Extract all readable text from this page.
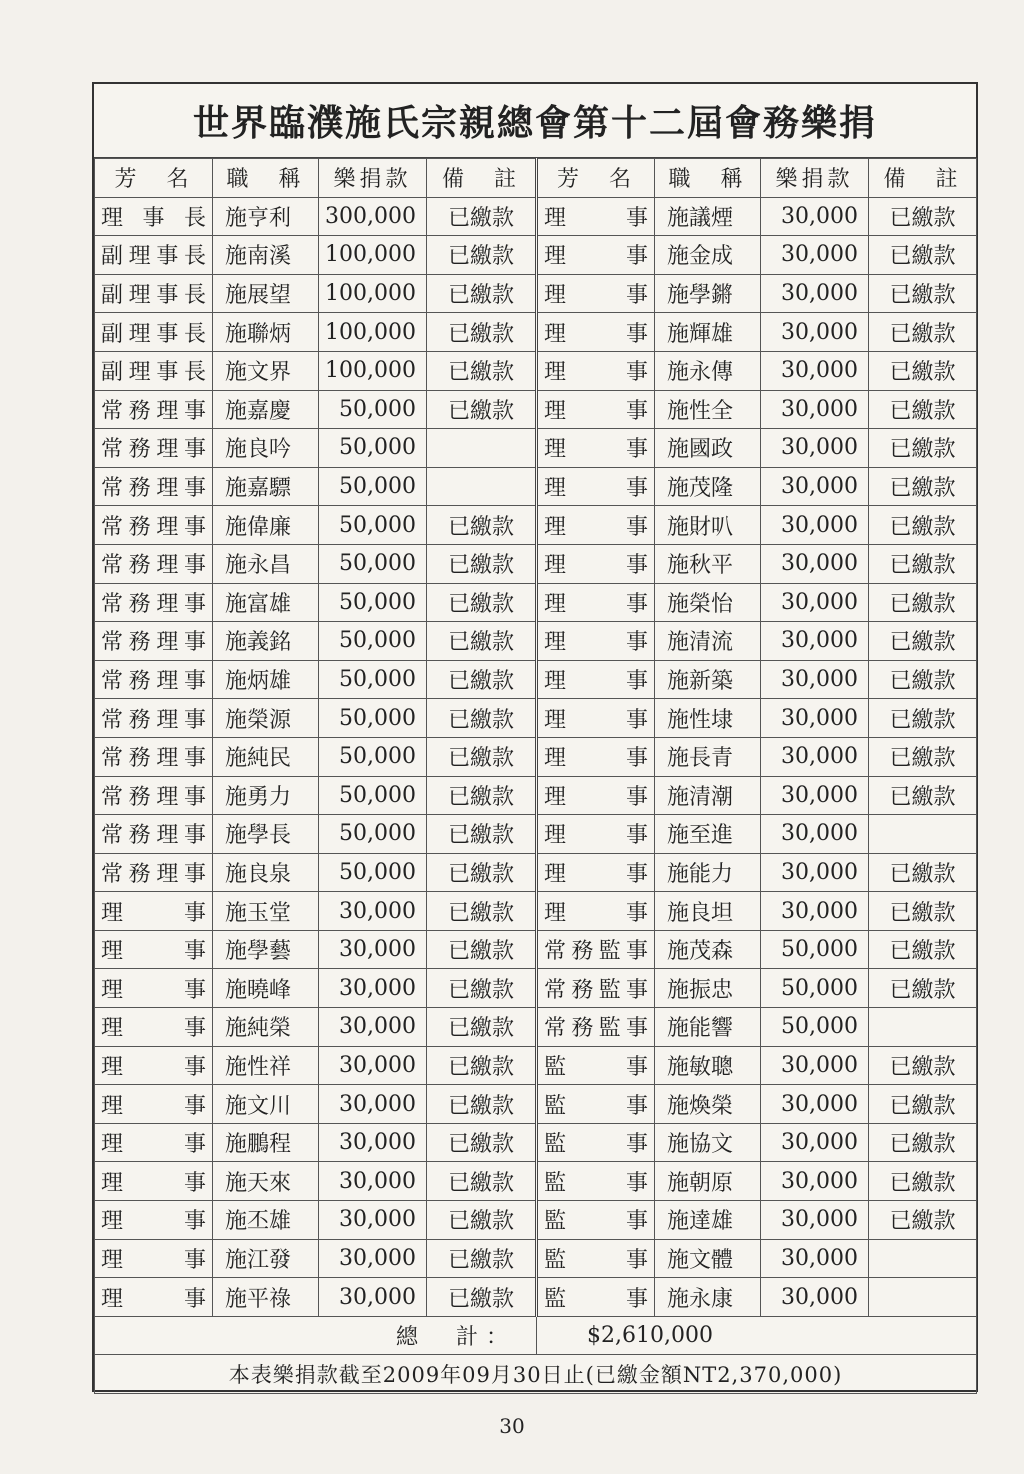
世界臨濮施氏宗親總會第十二屆會務樂捐
芳　名	職　稱	樂捐款	備　註	芳　名	職　稱	樂捐款	備　註
理事長	施亨利	300,000	已繳款	理事	施議煙	30,000	已繳款
副理事長	施南溪	100,000	已繳款	理事	施金成	30,000	已繳款
副理事長	施展望	100,000	已繳款	理事	施學鏘	30,000	已繳款
副理事長	施聯炳	100,000	已繳款	理事	施輝雄	30,000	已繳款
副理事長	施文界	100,000	已繳款	理事	施永傳	30,000	已繳款
常務理事	施嘉慶	50,000	已繳款	理事	施性全	30,000	已繳款
常務理事	施良吟	50,000		理事	施國政	30,000	已繳款
常務理事	施嘉驃	50,000		理事	施茂隆	30,000	已繳款
常務理事	施偉廉	50,000	已繳款	理事	施財叭	30,000	已繳款
常務理事	施永昌	50,000	已繳款	理事	施秋平	30,000	已繳款
常務理事	施富雄	50,000	已繳款	理事	施榮怡	30,000	已繳款
常務理事	施義銘	50,000	已繳款	理事	施清流	30,000	已繳款
常務理事	施炳雄	50,000	已繳款	理事	施新築	30,000	已繳款
常務理事	施榮源	50,000	已繳款	理事	施性埭	30,000	已繳款
常務理事	施純民	50,000	已繳款	理事	施長青	30,000	已繳款
常務理事	施勇力	50,000	已繳款	理事	施清潮	30,000	已繳款
常務理事	施學長	50,000	已繳款	理事	施至進	30,000	
常務理事	施良泉	50,000	已繳款	理事	施能力	30,000	已繳款
理事	施玉堂	30,000	已繳款	理事	施良坦	30,000	已繳款
理事	施學藝	30,000	已繳款	常務監事	施茂森	50,000	已繳款
理事	施曉峰	30,000	已繳款	常務監事	施振忠	50,000	已繳款
理事	施純榮	30,000	已繳款	常務監事	施能響	50,000	
理事	施性祥	30,000	已繳款	監事	施敏聰	30,000	已繳款
理事	施文川	30,000	已繳款	監事	施煥榮	30,000	已繳款
理事	施鵬程	30,000	已繳款	監事	施協文	30,000	已繳款
理事	施天來	30,000	已繳款	監事	施朝原	30,000	已繳款
理事	施丕雄	30,000	已繳款	監事	施達雄	30,000	已繳款
理事	施江發	30,000	已繳款	監事	施文體	30,000	
理事	施平祿	30,000	已繳款	監事	施永康	30,000	
總　計：				$2,610,000			
本表樂捐款截至2009年09月30日止(已繳金額NT2,370,000)							
30
